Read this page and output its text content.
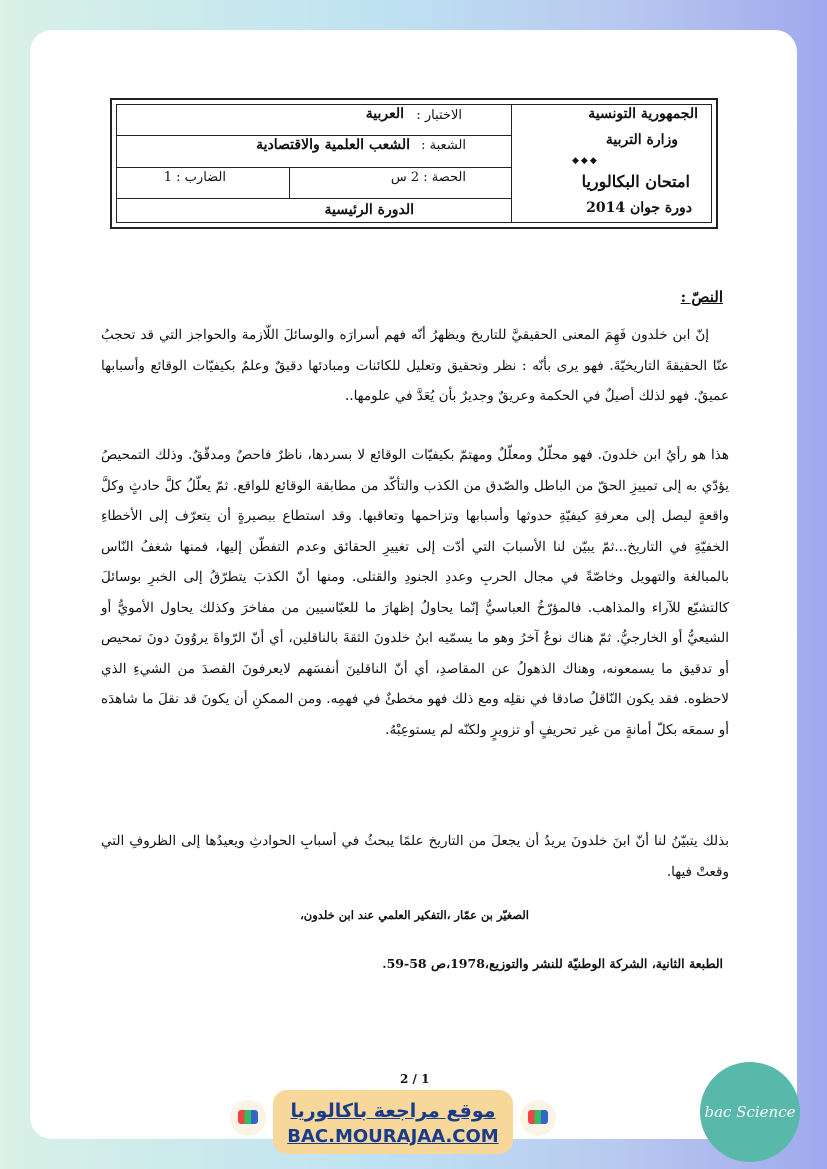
الجمهورية التونسية
وزارة التربية
◆◆◆
امتحان البكالوريا
دورة جوان 2014
الاختبار :
العربية
الشعبة :
الشعب العلمية والاقتصادية
الحصة : 2 س
الضارب : 1
الدورة الرئيسية
النصّ :
إنّ ابن خلدون فَهِمَ المعنى الحقيقيَّ للتاريخ ويظهرُ أنّه فهم أسرارَه والوسائلَ اللّازمة والحواجز التي قد تحجبُ عنّا الحقيقةَ التاريخيّةَ. فهو يرى بأنّه : نظر وتحقيق وتعليل للكائنات ومبادئها دقيقٌ وعلمٌ بكيفيّات الوقائع وأسبابها عميقٌ. فهو لذلك أصيلٌ في الحكمة وعريقٌ وجديرٌ بأن يُعَدَّ في علومها..
هذا هو رأيُ ابن خلدونَ. فهو محلّلٌ ومعلّلٌ ومهتمّ بكيفيّات الوقائع لا بسردها، ناظرٌ فاحصٌ ومدقّقٌ. وذلك التمحيصُ يؤدّي به إلى تمييزِ الحقّ من الباطل والصّدق من الكذب والتأكّد من مطابقة الوقائع للواقع. ثمّ يعلّلُ كلَّ حادثٍ وكلَّ واقعةٍ ليصل إلى معرفةِ كيفيّةِ حدوثها وأسبابها وتزاحمها وتعاقبها. وقد استطاع ببصيرةٍ أن يتعرّف إلى الأخطاءِ الخفيّةِ في التاريخ...ثمّ يبيّن لنا الأسبابَ التي أدّت إلى تغييرِ الحقائق وعدم التفطّن إليها، فمنها شغفُ النّاس بالمبالغة والتهويل وخاصّةً في مجال الحربِ وعددِ الجنودِ والقتلى. ومنها أنّ الكذبَ يتطرّقُ إلى الخبرِ بوسائلَ كالتشيّع للآراء والمذاهب. فالمؤرّخُ العباسيُّ إنّما يحاولُ إظهارَ ما للعبّاسيين من مفاخرَ وكذلك يحاول الأمويُّ أو الشيعيُّ أو الخارجيُّ. ثمّ هناك نوعٌ آخرُ وهو ما يسمّيه ابنُ خلدونَ الثقةَ بالناقلين، أي أنّ الرّواةَ يروُونَ دونَ تمحيص أو تدقيق ما يسمعونه، وهناك الذهولُ عن المقاصدِ، أي أنّ الناقلينَ أنفسَهم لايعرفونَ القصدَ من الشيءِ الذي لاحظوه. فقد يكون النّاقلُ صادقا في نقلِه ومع ذلك فهو مخطئٌ في فهمِه. ومن الممكنِ أن يكونَ قد نقلَ ما شاهدَه أو سمعَه بكلّ أمانةٍ من غير تحريفٍ أو تزويرٍ ولكنّه لم يستوعِبْهُ.
بذلك يتبيّنُ لنا أنّ ابنَ خلدونَ يريدُ أن يجعلَ من التاريخ علمًا يبحثُ في أسبابِ الحوادثِ ويعيدُها إلى الظروفِ التي وقعتْ فيها.
الصغيّر بن عمّار ،التفكير العلمي عند ابن خلدون،
الطبعة الثانية، الشركة الوطنيّة للنشر والتوزيع،1978،ص 58-59.
2 / 1
موقع مراجعة باكالوريا
BAC.MOURAJAA.COM
bac Science
